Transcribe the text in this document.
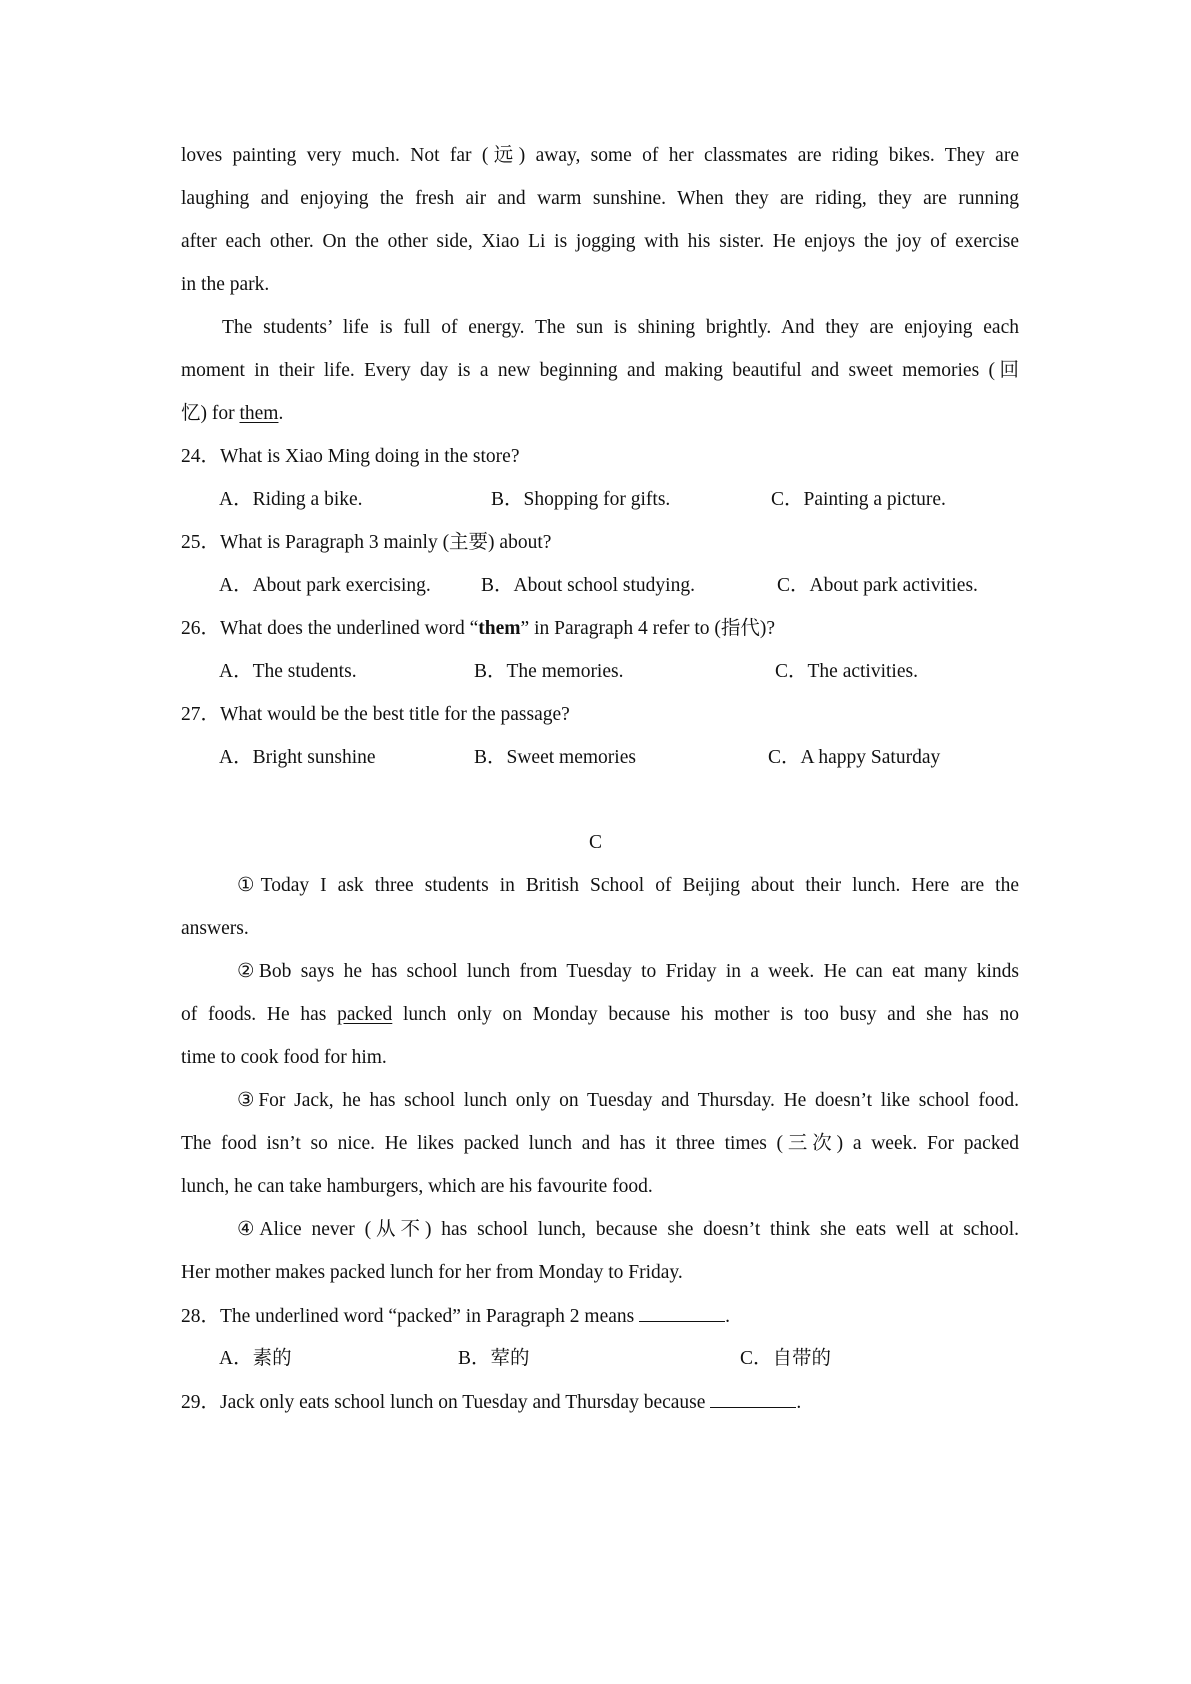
loves painting very much. Not far (远) away, some of her classmates are riding bikes. They are
laughing and enjoying the fresh air and warm sunshine. When they are riding, they are running
after each other. On the other side, Xiao Li is jogging with his sister. He enjoys the joy of exercise
in the park.
The students’ life is full of energy. The sun is shining brightly. And they are enjoying each
moment in their life. Every day is a new beginning and making beautiful and sweet memories (回
忆) for them.
24．What is Xiao Ming doing in the store?
A．Riding a bike.	B．Shopping for gifts.	C．Painting a picture.
25．What is Paragraph 3 mainly (主要) about?
A．About park exercising.	B．About school studying.	C．About park activities.
26．What does the underlined word “them” in Paragraph 4 refer to (指代)?
A．The students.	B．The memories.	C．The activities.
27．What would be the best title for the passage?
A．Bright sunshine	B．Sweet memories	C．A happy Saturday
C
①Today I ask three students in British School of Beijing about their lunch. Here are the
answers.
②Bob says he has school lunch from Tuesday to Friday in a week. He can eat many kinds
of foods. He has packed lunch only on Monday because his mother is too busy and she has no
time to cook food for him.
③For Jack, he has school lunch only on Tuesday and Thursday. He doesn’t like school food.
The food isn’t so nice. He likes packed lunch and has it three times (三次) a week. For packed
lunch, he can take hamburgers, which are his favourite food.
④Alice never (从不) has school lunch, because she doesn’t think she eats well at school.
Her mother makes packed lunch for her from Monday to Friday.
28．The underlined word “packed” in Paragraph 2 means	.
A．素的	B．荤的	C．自带的
29．Jack only eats school lunch on Tuesday and Thursday because	.
